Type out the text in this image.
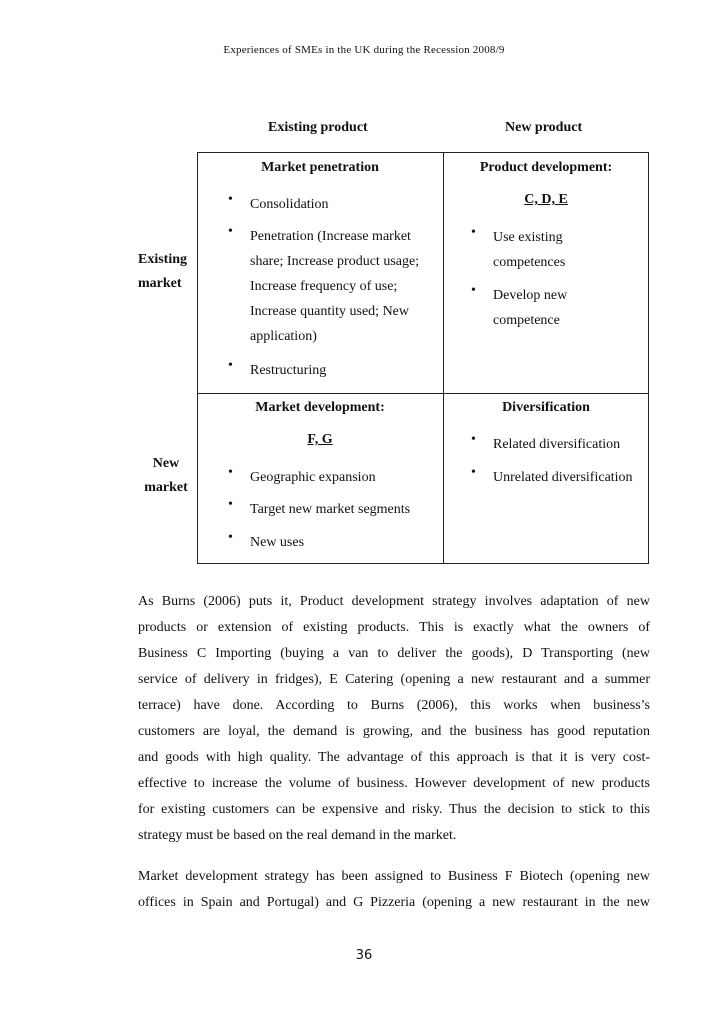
Experiences of SMEs in the UK during the Recession 2008/9
Existing product	New product
Existing
market
New
market
Market penetration
• Consolidation
• Penetration (Increase market
share; Increase product usage;
Increase frequency of use;
Increase quantity used; New
application)
• Restructuring
Product development:
C, D, E
• Use existing
competences
• Develop new
competence
Market development:
F, G
• Geographic expansion
• Target new market segments
• New uses
Diversification
• Related diversification
• Unrelated diversification
As Burns (2006) puts it, Product development strategy involves adaptation of new
products or extension of existing products. This is exactly what the owners of
Business C Importing (buying a van to deliver the goods), D Transporting (new
service of delivery in fridges), E Catering (opening a new restaurant and a summer
terrace) have done. According to Burns (2006), this works when business’s
customers are loyal, the demand is growing, and the business has good reputation
and goods with high quality. The advantage of this approach is that it is very cost-
effective to increase the volume of business. However development of new products
for existing customers can be expensive and risky. Thus the decision to stick to this
strategy must be based on the real demand in the market.
Market development strategy has been assigned to Business F Biotech (opening new
offices in Spain and Portugal) and G Pizzeria (opening a new restaurant in the new
36
